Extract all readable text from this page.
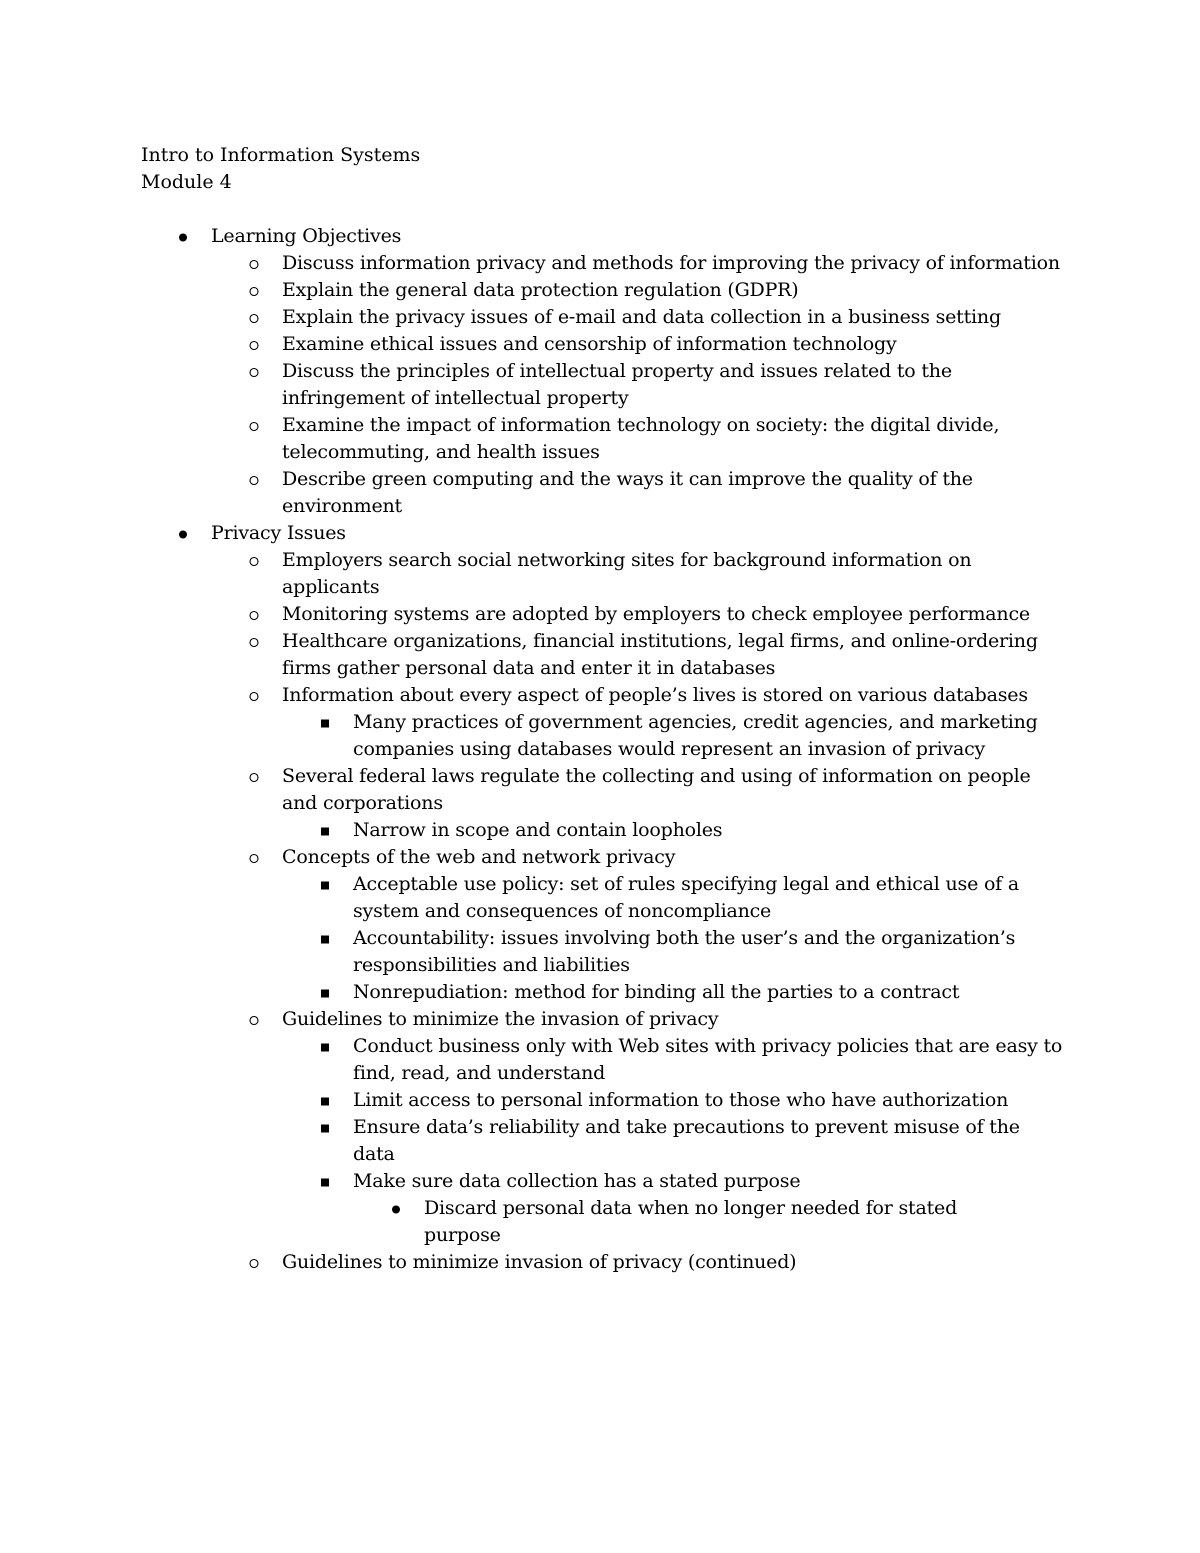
Intro to Information Systems
Module 4
Learning Objectives
Discuss information privacy and methods for improving the privacy of information
Explain the general data protection regulation (GDPR)
Explain the privacy issues of e-mail and data collection in a business setting
Examine ethical issues and censorship of information technology
Discuss the principles of intellectual property and issues related to the infringement of intellectual property
Examine the impact of information technology on society: the digital divide, telecommuting, and health issues
Describe green computing and the ways it can improve the quality of the environment
Privacy Issues
Employers search social networking sites for background information on applicants
Monitoring systems are adopted by employers to check employee performance
Healthcare organizations, financial institutions, legal firms, and online-ordering firms gather personal data and enter it in databases
Information about every aspect of people’s lives is stored on various databases
Many practices of government agencies, credit agencies, and marketing companies using databases would represent an invasion of privacy
Several federal laws regulate the collecting and using of information on people and corporations
Narrow in scope and contain loopholes
Concepts of the web and network privacy
Acceptable use policy: set of rules specifying legal and ethical use of a system and consequences of noncompliance
Accountability: issues involving both the user’s and the organization’s responsibilities and liabilities
Nonrepudiation: method for binding all the parties to a contract
Guidelines to minimize the invasion of privacy
Conduct business only with Web sites with privacy policies that are easy to find, read, and understand
Limit access to personal information to those who have authorization
Ensure data’s reliability and take precautions to prevent misuse of the data
Make sure data collection has a stated purpose
Discard personal data when no longer needed for stated purpose
Guidelines to minimize invasion of privacy (continued)
